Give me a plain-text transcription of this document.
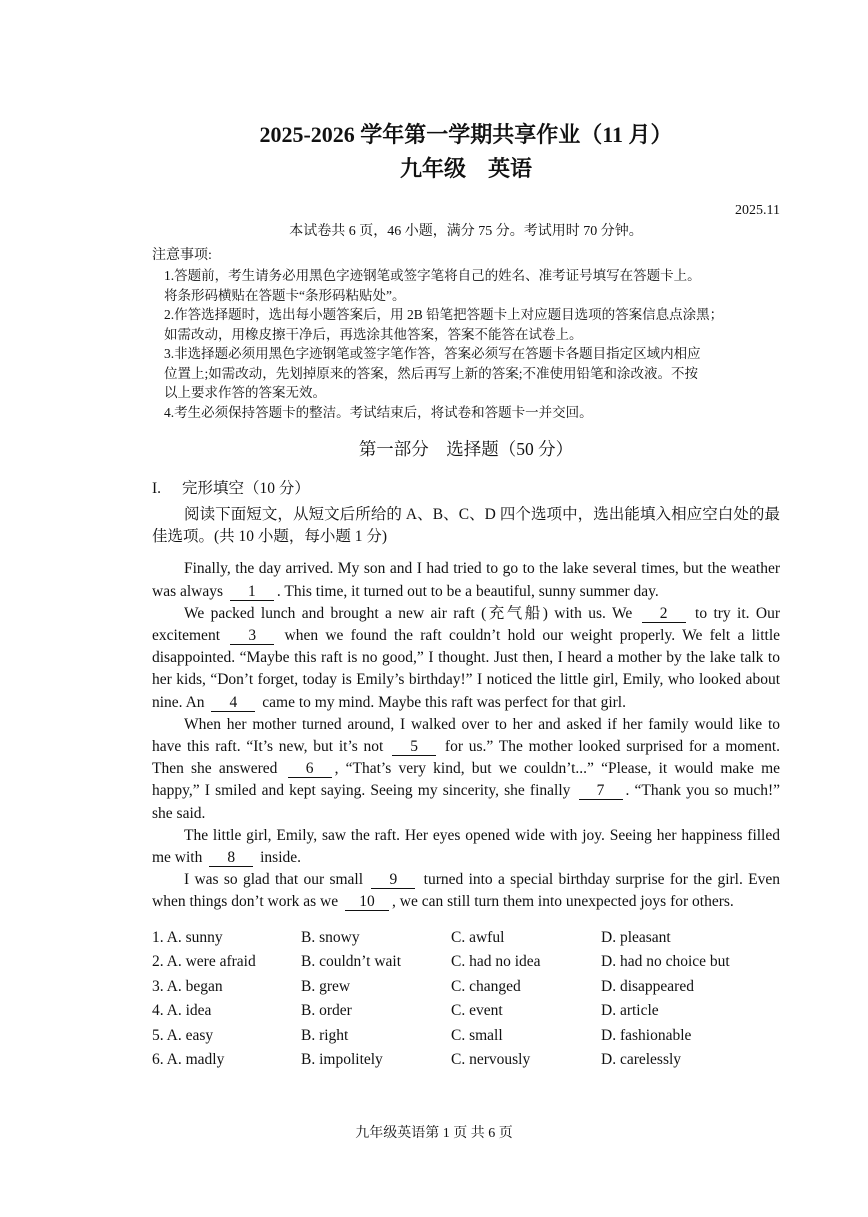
2025-2026 学年第一学期共享作业（11 月）
九年级　英语
2025.11
本试卷共 6 页，46 小题，满分 75 分。考试用时 70 分钟。
注意事项:
1.答题前，考生请务必用黑色字迹钢笔或签字笔将自己的姓名、准考证号填写在答题卡上。
将条形码横贴在答题卡“条形码粘贴处”。
2.作答选择题时，选出每小题答案后，用 2B 铅笔把答题卡上对应题目选项的答案信息点涂黑；
如需改动，用橡皮擦干净后，再选涂其他答案，答案不能答在试卷上。
3.非选择题必须用黑色字迹钢笔或签字笔作答，答案必须写在答题卡各题目指定区域内相应
位置上;如需改动，先划掉原来的答案，然后再写上新的答案;不准使用铅笔和涂改液。不按
以上要求作答的答案无效。
4.考生必须保持答题卡的整洁。考试结束后，将试卷和答题卡一并交回。
第一部分　选择题（50 分）
I.	完形填空（10 分）

阅读下面短文，从短文后所给的 A、B、C、D 四个选项中，选出能填入相应空白处的最佳选项。(共 10 小题，每小题 1 分)

Finally, the day arrived. My son and I had tried to go to the lake several times, but the weather was always 1 . This time, it turned out to be a beautiful, sunny summer day.

We packed lunch and brought a new air raft (充气船) with us. We 2 to try it. Our excitement 3 when we found the raft couldn’t hold our weight properly. We felt a little disappointed. “Maybe this raft is no good,” I thought. Just then, I heard a mother by the lake talk to her kids, “Don’t forget, today is Emily’s birthday!” I noticed the little girl, Emily, who looked about nine. An 4 came to my mind. Maybe this raft was perfect for that girl.

When her mother turned around, I walked over to her and asked if her family would like to have this raft. “It’s new, but it’s not 5 for us.” The mother looked surprised for a moment. Then she answered 6 , “That’s very kind, but we couldn’t...” “Please, it would make me happy,” I smiled and kept saying. Seeing my sincerity, she finally 7 . “Thank you so much!” she said.

The little girl, Emily, saw the raft. Her eyes opened wide with joy. Seeing her happiness filled me with 8 inside.

I was so glad that our small 9 turned into a special birthday surprise for the girl. Even when things don’t work as we 10 , we can still turn them into unexpected joys for others.

1. A. sunny	B. snowy	C. awful	D. pleasant
2. A. were afraid	B. couldn’t wait	C. had no idea	D. had no choice but
3. A. began	B. grew	C. changed	D. disappeared
4. A. idea	B. order	C. event	D. article
5. A. easy	B. right	C. small	D. fashionable
6. A. madly	B. impolitely	C. nervously	D. carelessly
九年级英语第 1 页 共 6 页
